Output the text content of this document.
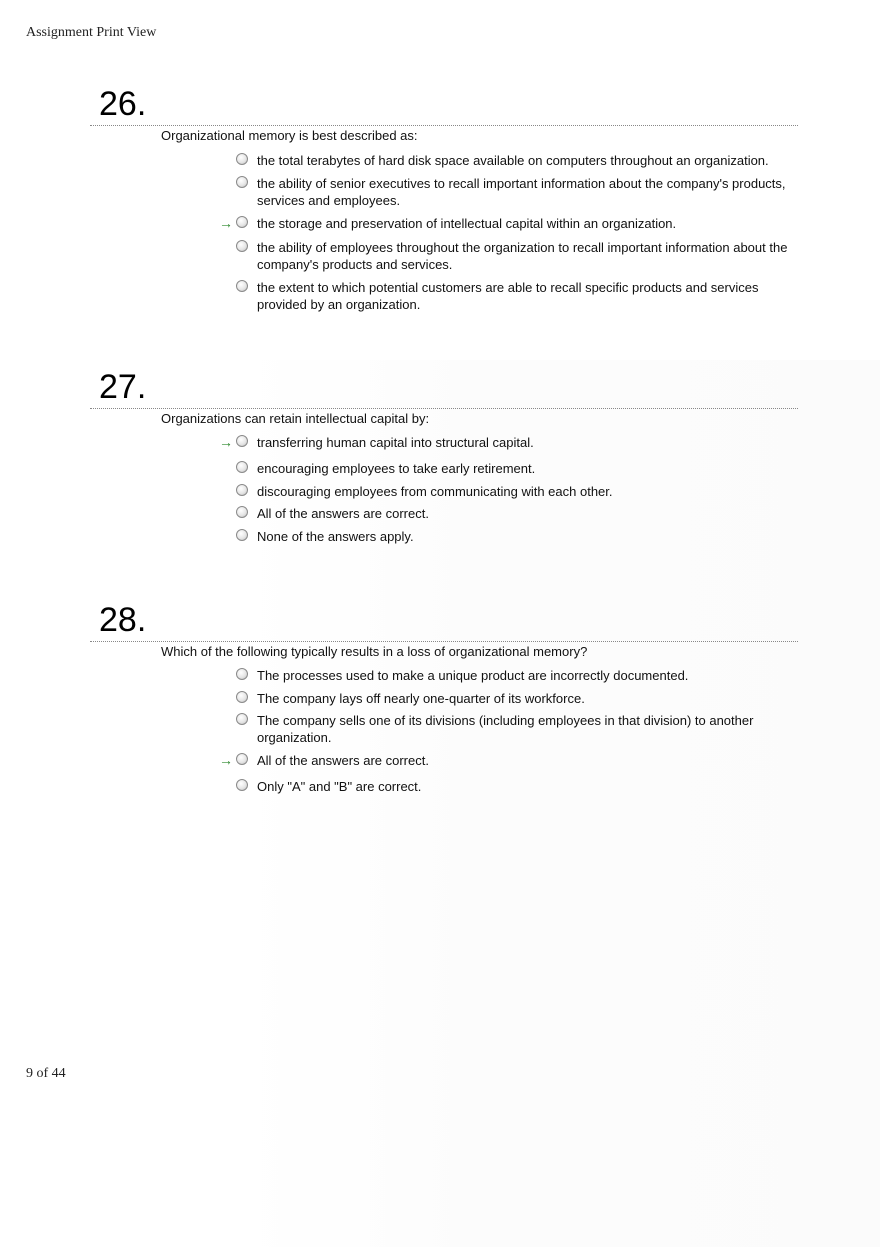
Assignment Print View
26.
Organizational memory is best described as:
the total terabytes of hard disk space available on computers throughout an organization.
the ability of senior executives to recall important information about the company's products, services and employees.
→ the storage and preservation of intellectual capital within an organization.
the ability of employees throughout the organization to recall important information about the company's products and services.
the extent to which potential customers are able to recall specific products and services provided by an organization.
27.
Organizations can retain intellectual capital by:
→ transferring human capital into structural capital.
encouraging employees to take early retirement.
discouraging employees from communicating with each other.
All of the answers are correct.
None of the answers apply.
28.
Which of the following typically results in a loss of organizational memory?
The processes used to make a unique product are incorrectly documented.
The company lays off nearly one-quarter of its workforce.
The company sells one of its divisions (including employees in that division) to another organization.
→ All of the answers are correct.
Only "A" and "B" are correct.
9 of 44
